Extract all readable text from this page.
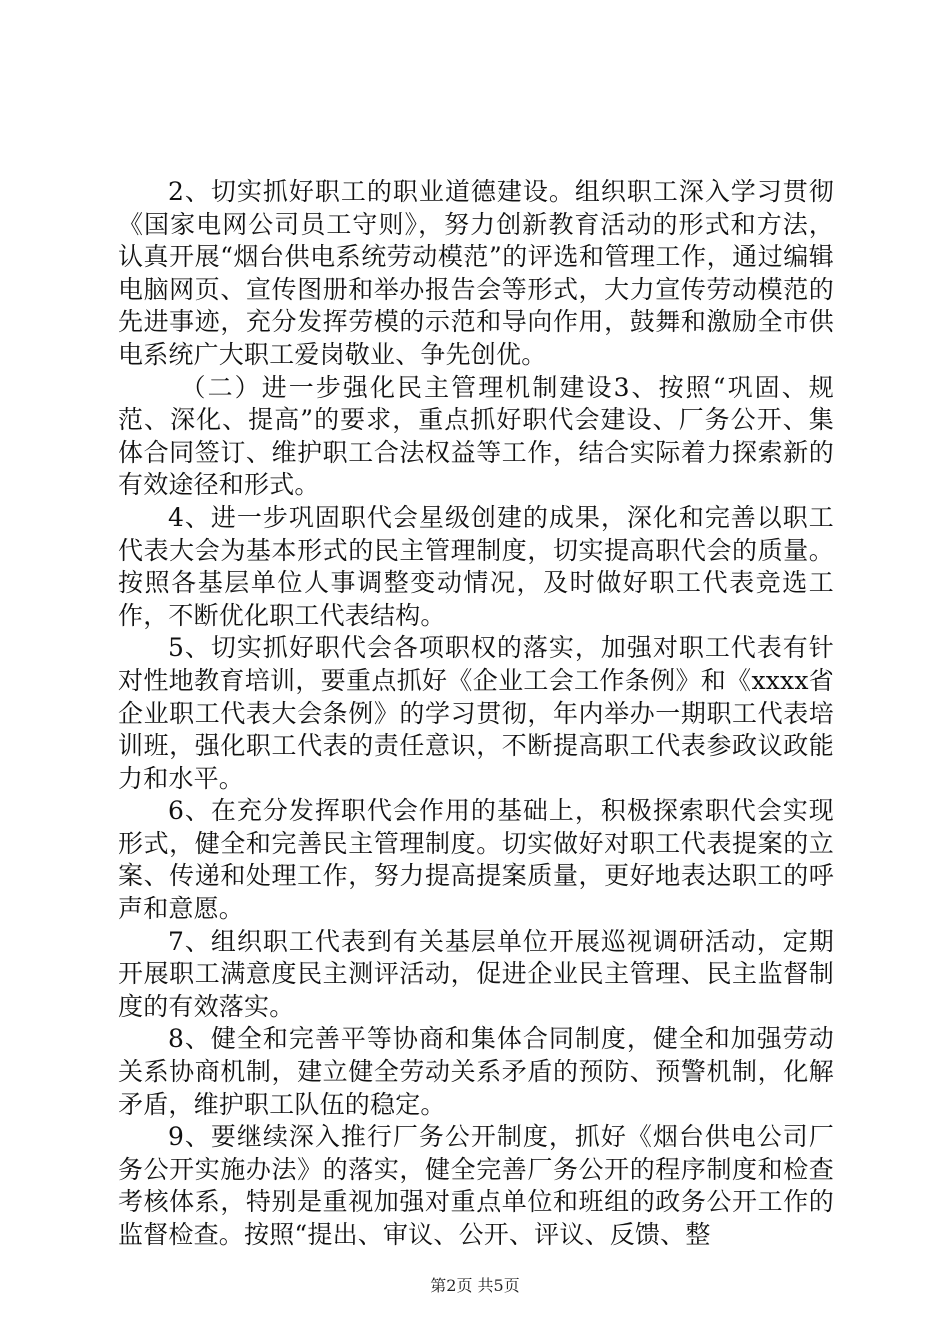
2、切实抓好职工的职业道德建设。组织职工深入学习贯彻《国家电网公司员工守则》，努力创新教育活动的形式和方法，认真开展“烟台供电系统劳动模范”的评选和管理工作，通过编辑电脑网页、宣传图册和举办报告会等形式，大力宣传劳动模范的先进事迹，充分发挥劳模的示范和导向作用，鼓舞和激励全市供电系统广大职工爱岗敬业、争先创优。

（二）进一步强化民主管理机制建设3、按照“巩固、规范、深化、提高”的要求，重点抓好职代会建设、厂务公开、集体合同签订、维护职工合法权益等工作，结合实际着力探索新的有效途径和形式。

4、进一步巩固职代会星级创建的成果，深化和完善以职工代表大会为基本形式的民主管理制度，切实提高职代会的质量。按照各基层单位人事调整变动情况，及时做好职工代表竞选工作，不断优化职工代表结构。

5、切实抓好职代会各项职权的落实，加强对职工代表有针对性地教育培训，要重点抓好《企业工会工作条例》和《xxxx省企业职工代表大会条例》的学习贯彻，年内举办一期职工代表培训班，强化职工代表的责任意识，不断提高职工代表参政议政能力和水平。

6、在充分发挥职代会作用的基础上，积极探索职代会实现形式，健全和完善民主管理制度。切实做好对职工代表提案的立案、传递和处理工作，努力提高提案质量，更好地表达职工的呼声和意愿。

7、组织职工代表到有关基层单位开展巡视调研活动，定期开展职工满意度民主测评活动，促进企业民主管理、民主监督制度的有效落实。

8、健全和完善平等协商和集体合同制度，健全和加强劳动关系协商机制，建立健全劳动关系矛盾的预防、预警机制，化解矛盾，维护职工队伍的稳定。

9、要继续深入推行厂务公开制度，抓好《烟台供电公司厂务公开实施办法》的落实，健全完善厂务公开的程序制度和检查考核体系，特别是重视加强对重点单位和班组的政务公开工作的监督检查。按照“提出、审议、公开、评议、反馈、整

第2页 共5页
